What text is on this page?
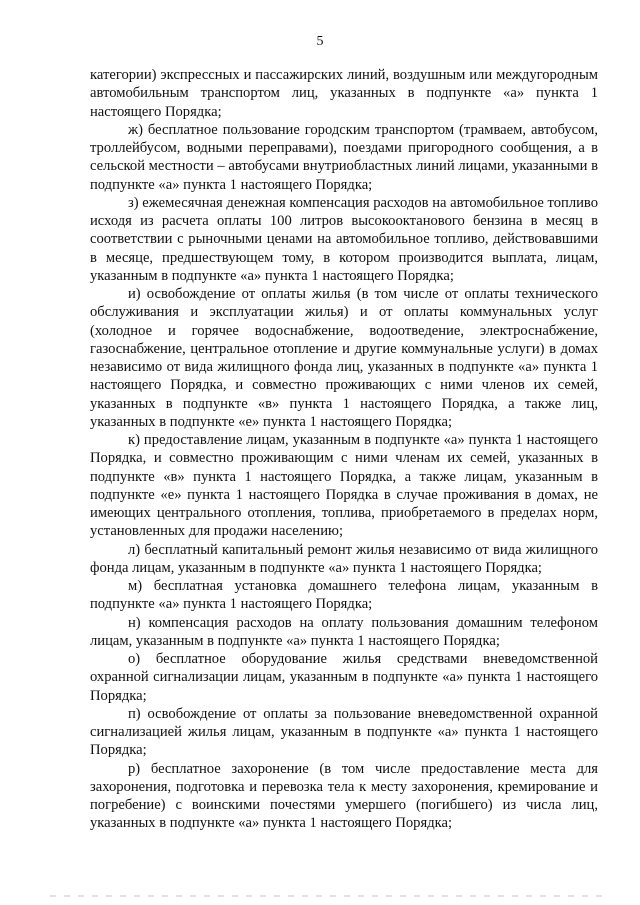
5

категории) экспрессных и пассажирских линий, воздушным или междугородным автомобильным транспортом лиц, указанных в подпункте «а» пункта 1 настоящего Порядка;

ж) бесплатное пользование городским транспортом (трамваем, автобусом, троллейбусом, водными переправами), поездами пригородного сообщения, а в сельской местности – автобусами внутриобластных линий лицами, указанными в подпункте «а» пункта 1 настоящего Порядка;

з) ежемесячная денежная компенсация расходов на автомобильное топливо исходя из расчета оплаты 100 литров высокооктанового бензина в месяц в соответствии с рыночными ценами на автомобильное топливо, действовавшими в месяце, предшествующем тому, в котором производится выплата, лицам, указанным в подпункте «а» пункта 1 настоящего Порядка;

и) освобождение от оплаты жилья (в том числе от оплаты технического обслуживания и эксплуатации жилья) и от оплаты коммунальных услуг (холодное и горячее водоснабжение, водоотведение, электроснабжение, газоснабжение, центральное отопление и другие коммунальные услуги) в домах независимо от вида жилищного фонда лиц, указанных в подпункте «а» пункта 1 настоящего Порядка, и совместно проживающих с ними членов их семей, указанных в подпункте «в» пункта 1 настоящего Порядка, а также лиц, указанных в подпункте «е» пункта 1 настоящего Порядка;

к) предоставление лицам, указанным в подпункте «а» пункта 1 настоящего Порядка, и совместно проживающим с ними членам их семей, указанных в подпункте «в» пункта 1 настоящего Порядка, а также лицам, указанным в подпункте «е» пункта 1 настоящего Порядка в случае проживания в домах, не имеющих центрального отопления, топлива, приобретаемого в пределах норм, установленных для продажи населению;

л) бесплатный капитальный ремонт жилья независимо от вида жилищного фонда лицам, указанным в подпункте «а» пункта 1 настоящего Порядка;

м) бесплатная установка домашнего телефона лицам, указанным в подпункте «а» пункта 1 настоящего Порядка;

н) компенсация расходов на оплату пользования домашним телефоном лицам, указанным в подпункте «а» пункта 1 настоящего Порядка;

о) бесплатное оборудование жилья средствами вневедомственной охранной сигнализации лицам, указанным в подпункте «а» пункта 1 настоящего Порядка;

п) освобождение от оплаты за пользование вневедомственной охранной сигнализацией жилья лицам, указанным в подпункте «а» пункта 1 настоящего Порядка;

р) бесплатное захоронение (в том числе предоставление места для захоронения, подготовка и перевозка тела к месту захоронения, кремирование и погребение) с воинскими почестями умершего (погибшего) из числа лиц, указанных в подпункте «а» пункта 1 настоящего Порядка;
